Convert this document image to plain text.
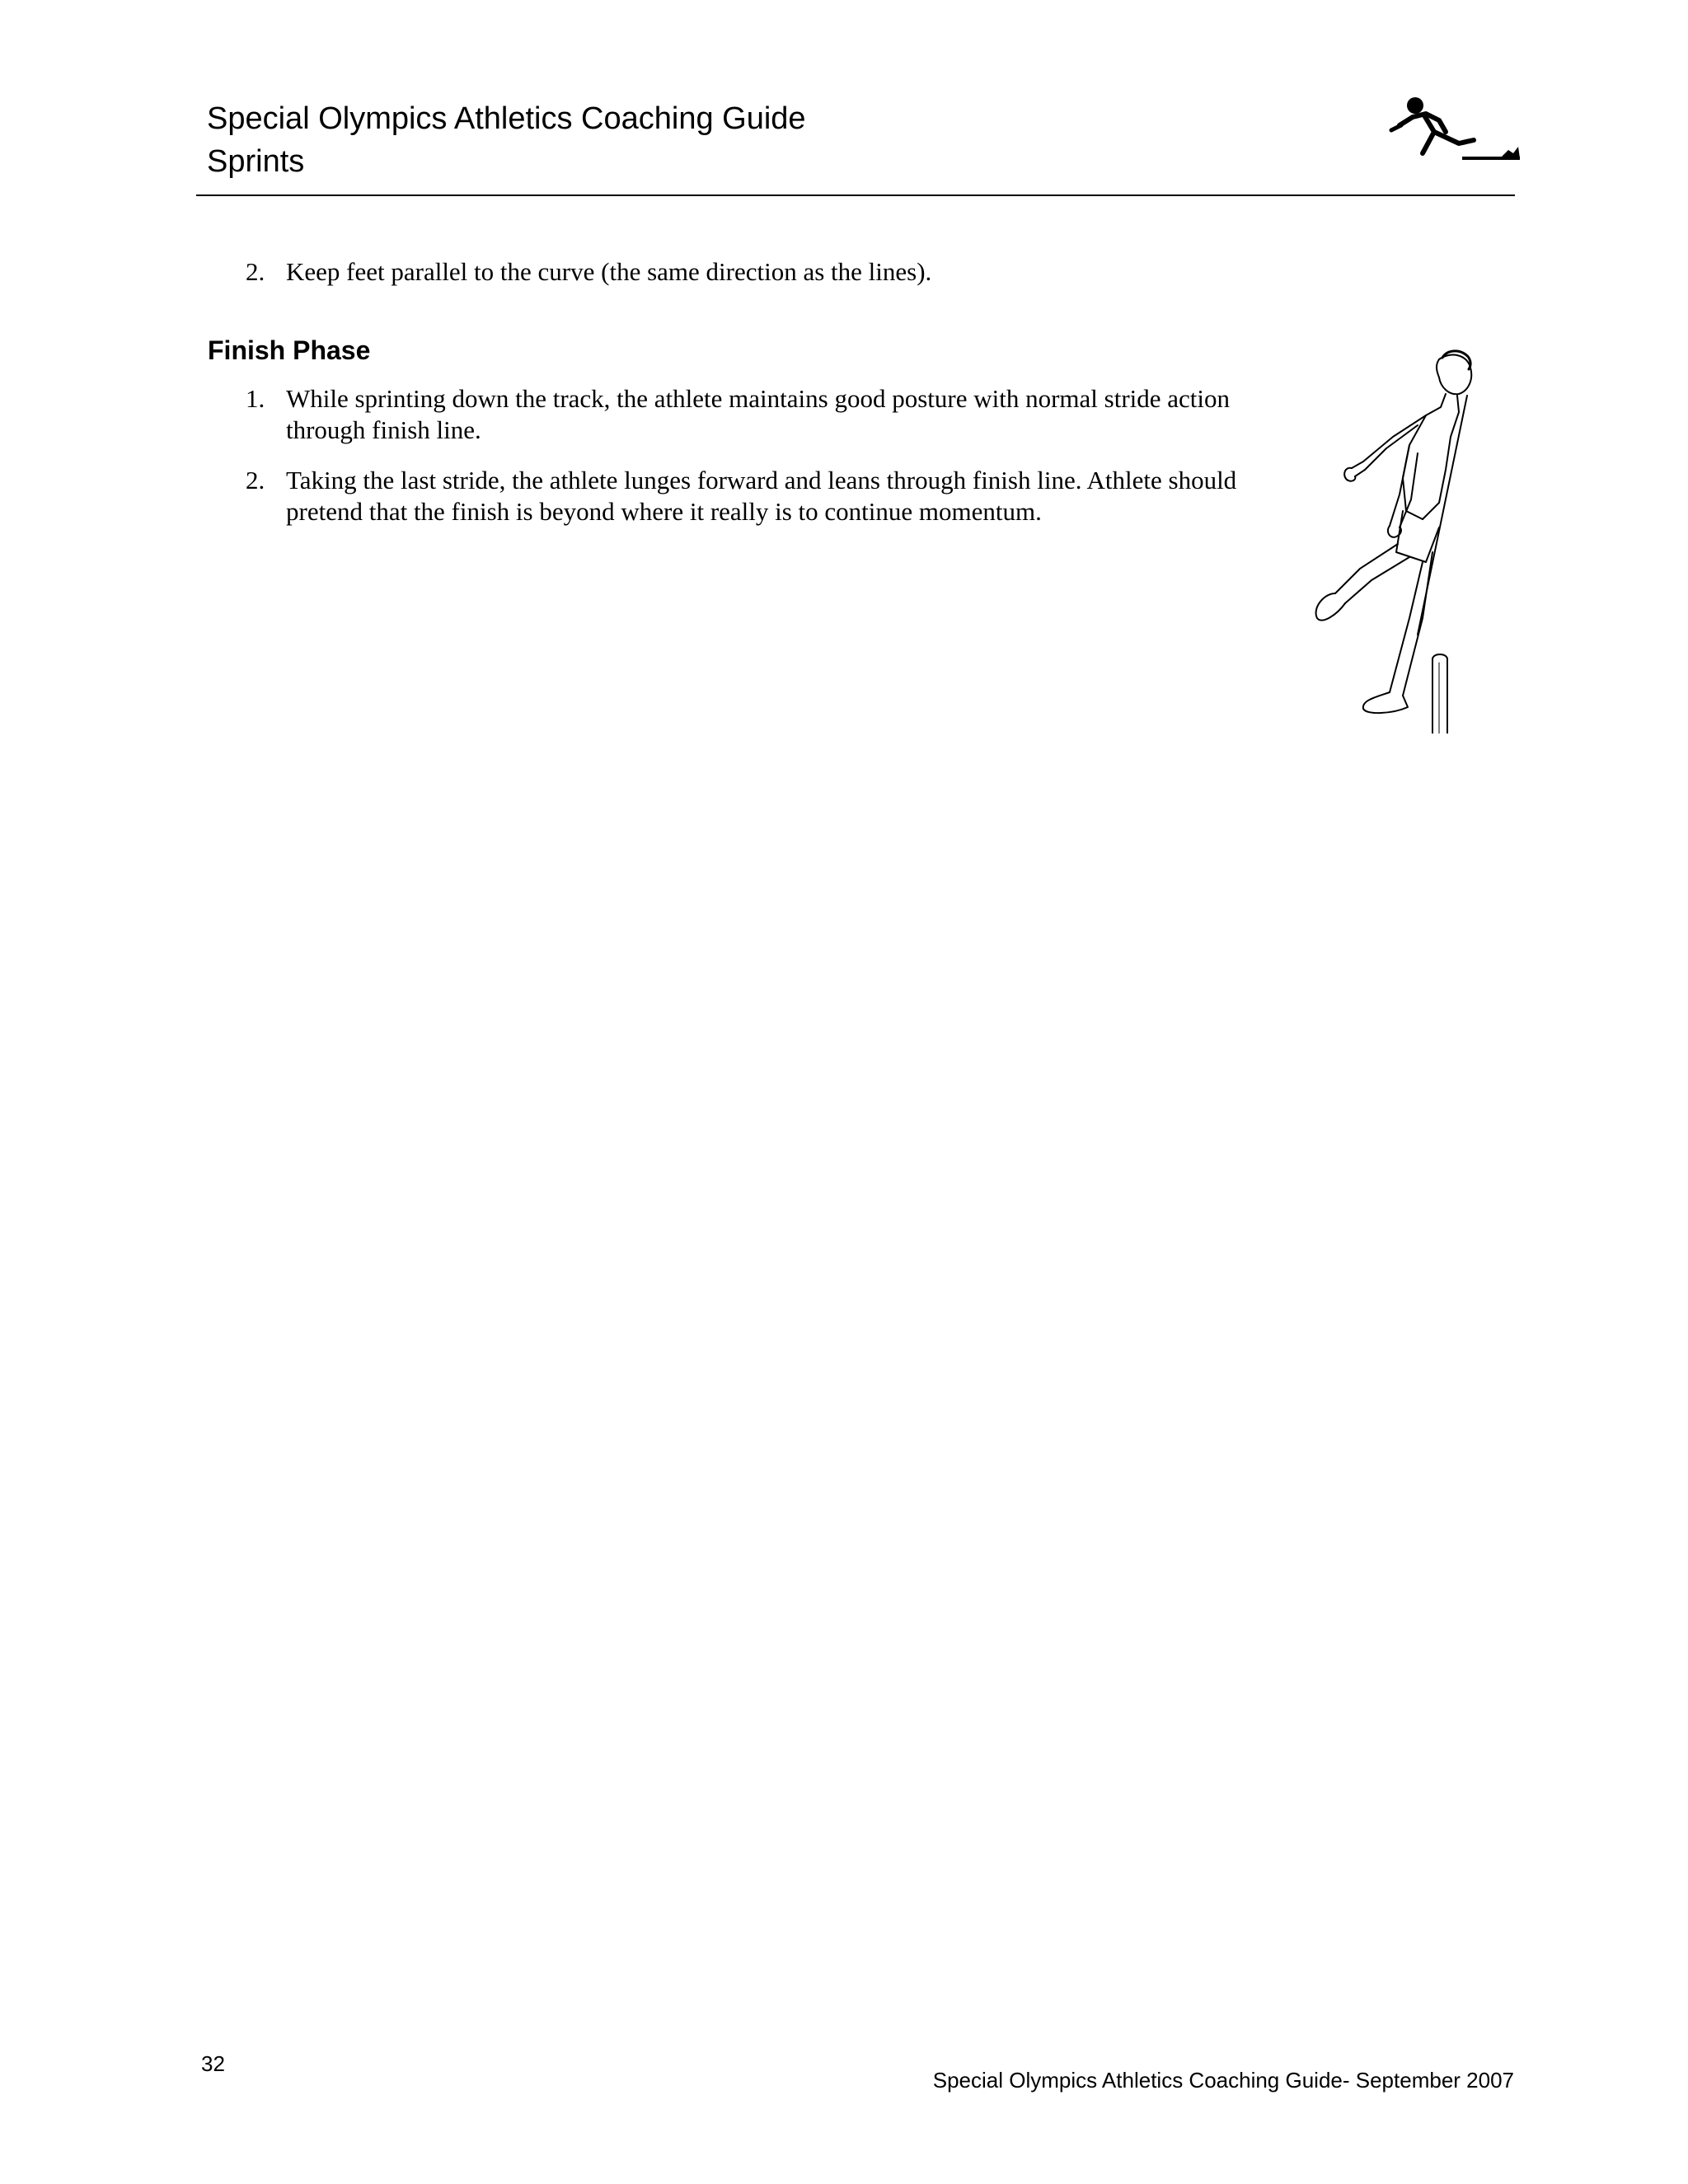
Special Olympics Athletics Coaching Guide
Sprints
2. Keep feet parallel to the curve (the same direction as the lines).
Finish Phase
1. While sprinting down the track, the athlete maintains good posture with normal stride action through finish line.
2. Taking the last stride, the athlete lunges forward and leans through finish line. Athlete should pretend that the finish is beyond where it really is to continue momentum.
32
Special Olympics Athletics Coaching Guide- September 2007
